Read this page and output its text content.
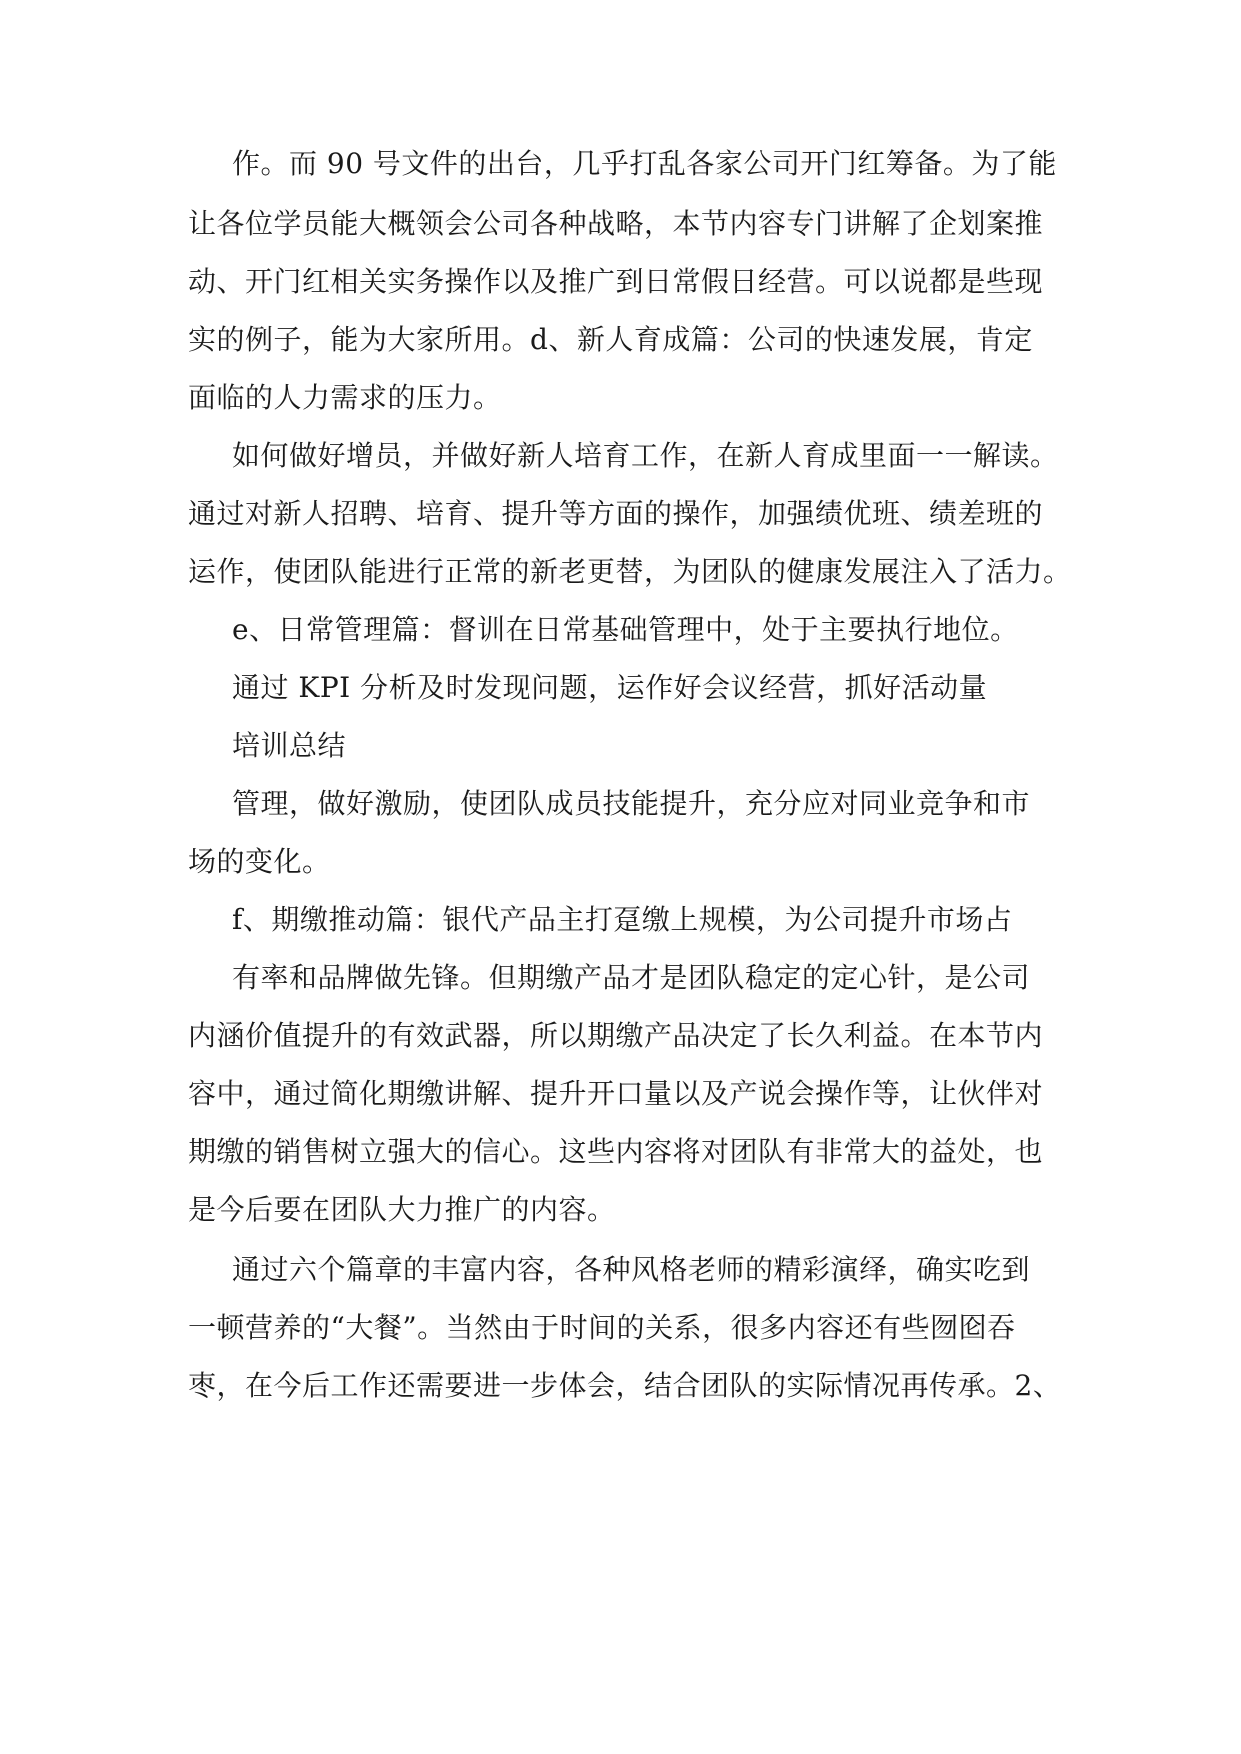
作。而 90 号文件的出台，几乎打乱各家公司开门红筹备。为了能
让各位学员能大概领会公司各种战略，本节内容专门讲解了企划案推
动、开门红相关实务操作以及推广到日常假日经营。可以说都是些现
实的例子，能为大家所用。d、新人育成篇：公司的快速发展，肯定
面临的人力需求的压力。
如何做好增员，并做好新人培育工作，在新人育成里面一一解读。
通过对新人招聘、培育、提升等方面的操作，加强绩优班、绩差班的
运作，使团队能进行正常的新老更替，为团队的健康发展注入了活力。
e、日常管理篇：督训在日常基础管理中，处于主要执行地位。
通过 KPI 分析及时发现问题，运作好会议经营，抓好活动量
培训总结
管理，做好激励，使团队成员技能提升，充分应对同业竞争和市
场的变化。
f、期缴推动篇：银代产品主打趸缴上规模，为公司提升市场占
有率和品牌做先锋。但期缴产品才是团队稳定的定心针，是公司
内涵价值提升的有效武器，所以期缴产品决定了长久利益。在本节内
容中，通过简化期缴讲解、提升开口量以及产说会操作等，让伙伴对
期缴的销售树立强大的信心。这些内容将对团队有非常大的益处，也
是今后要在团队大力推广的内容。
通过六个篇章的丰富内容，各种风格老师的精彩演绎，确实吃到
一顿营养的“大餐”。当然由于时间的关系，很多内容还有些囫囵吞
枣，在今后工作还需要进一步体会，结合团队的实际情况再传承。2、
